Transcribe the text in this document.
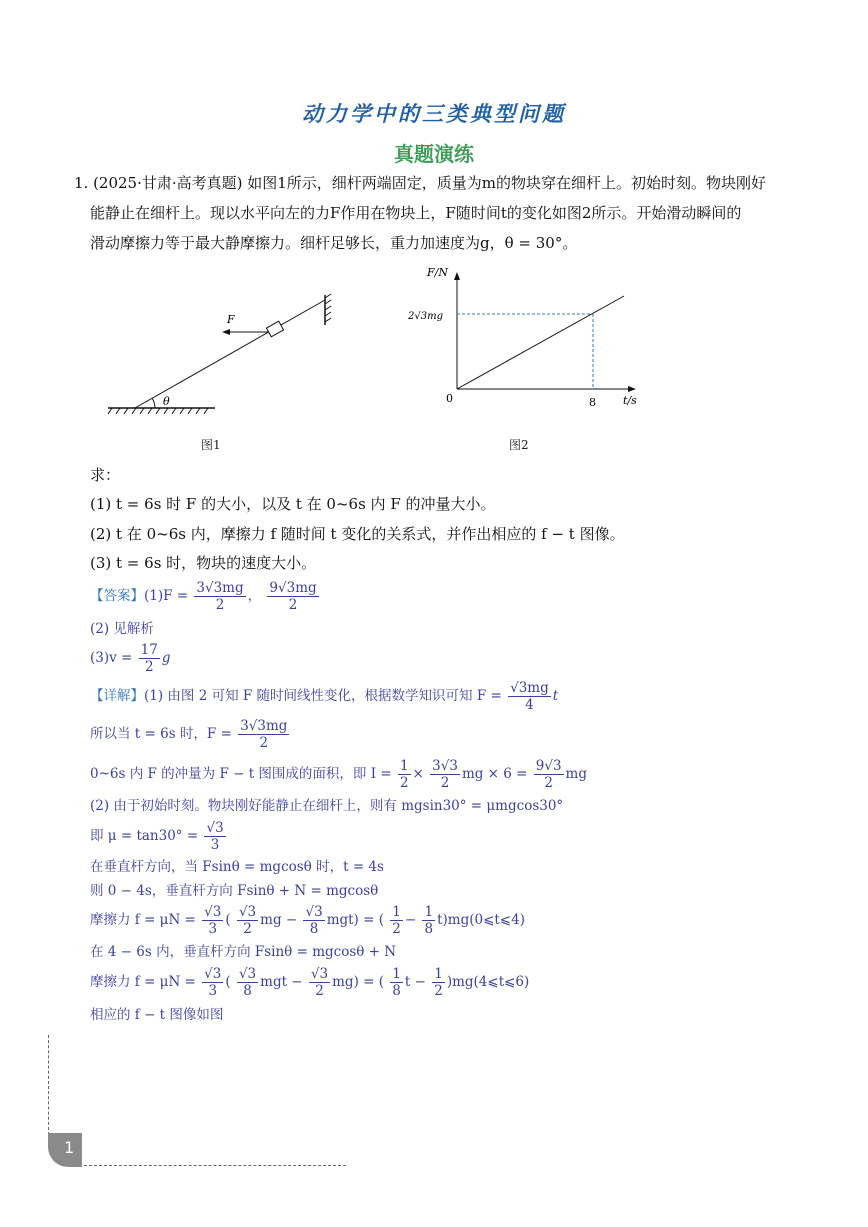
动力学中的三类典型问题
真题演练

1. (2025·甘肃·高考真题) 如图1所示，细杆两端固定，质量为m的物块穿在细杆上。初始时刻。物块刚好

能静止在细杆上。现以水平向左的力F作用在物块上，F随时间t的变化如图2所示。开始滑动瞬间的

滑动摩擦力等于最大静摩擦力。细杆足够长，重力加速度为g，θ = 30°。

θ
F
图1
F/N
t/s
0	8
2√3mg
图2
求：
(1) t = 6s 时 F 的大小，以及 t 在 0~6s 内 F 的冲量大小。
(2) t 在 0~6s 内，摩擦力 f 随时间 t 变化的关系式，并作出相应的 f − t 图像。
(3) t = 6s 时，物块的速度大小。
【答案】$(1)F = \frac{3√3mg}{2}$ ， $\frac{9√3mg}{2}$
(2) 见解析
$(3)v = \frac{17}{2}$ g
【详解】(1) 由图 2 可知 F 随时间线性变化，根据数学知识可知 $F = \frac{√3mg}{4}$ t
所以当 t = 6s 时，$F = \frac{3√3mg}{2}$
0~6s 内 F 的冲量为 F − t 图围成的面积，即 $I = \frac{1}{2} \times \frac{3√3}{2}$ mg × $6 = \frac{9√3}{2}$ mg
(2) 由于初始时刻。物块刚好能静止在细杆上，则有 mgsin30° = μmgcos30°
即 $\mu = \tan 30^\circ = \frac{√3}{3}$
在垂直杆方向，当 Fsinθ = mgcosθ 时，t = 4s
则 0 − 4s，垂直杆方向 Fsinθ + N = mgcosθ
摩擦力 $f = \mu N = \frac{√3}{3}$ ( $\frac{√3}{2}$ mg − $\frac{√3}{8} mgt$) = ( $\frac{1}{2} - \frac{1}{8}$ t)mg(0⩽t⩽4)
在 4 − 6s 内，垂直杆方向 Fsinθ = mgcosθ + N
摩擦力 $f = \mu N = \frac{√3}{3}$ ( $\frac{√3}{8}$ mgt − $\frac{√3}{2} mg$) = ( $\frac{1}{8}$ $t - \frac{1}{2}$ )mg(4⩽t⩽6)
相应的 f − t 图像如图
1
